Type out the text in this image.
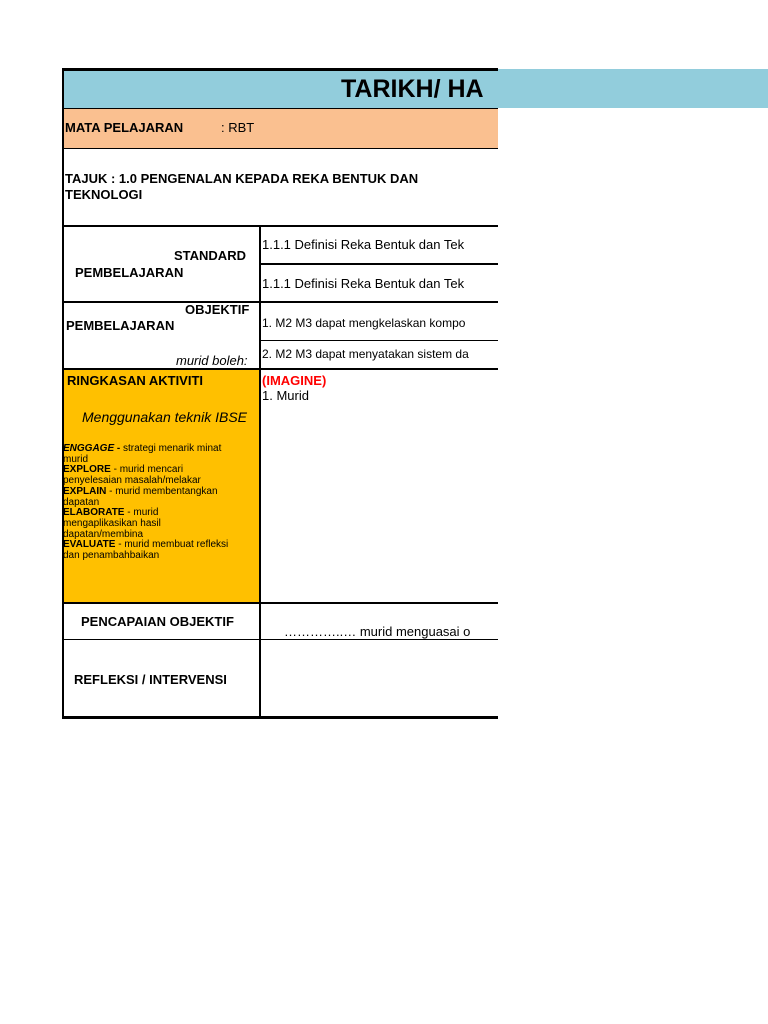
TARIKH/ HA
MATA PELAJARAN	: RBT
TAJUK : 1.0 PENGENALAN KEPADA REKA BENTUK DAN
TEKNOLOGI
STANDARD
PEMBELAJARAN
1.1.1 Definisi Reka Bentuk dan Tek
1.1.1 Definisi Reka Bentuk dan Tek
OBJEKTIF
PEMBELAJARAN
murid boleh:
1. M2 M3 dapat mengkelaskan kompo
2. M2 M3 dapat menyatakan sistem da
RINGKASAN AKTIVITI
Menggunakan teknik IBSE
ENGGAGE - strategi menarik minat
murid
EXPLORE - murid mencari
penyelesaian masalah/melakar
EXPLAIN - murid membentangkan
dapatan
ELABORATE - murid
mengaplikasikan hasil
dapatan/membina
EVALUATE - murid membuat refleksi
dan penambahbaikan
(IMAGINE)
1. Murid
PENCAPAIAN OBJEKTIF
…………..… murid menguasai o
REFLEKSI / INTERVENSI
